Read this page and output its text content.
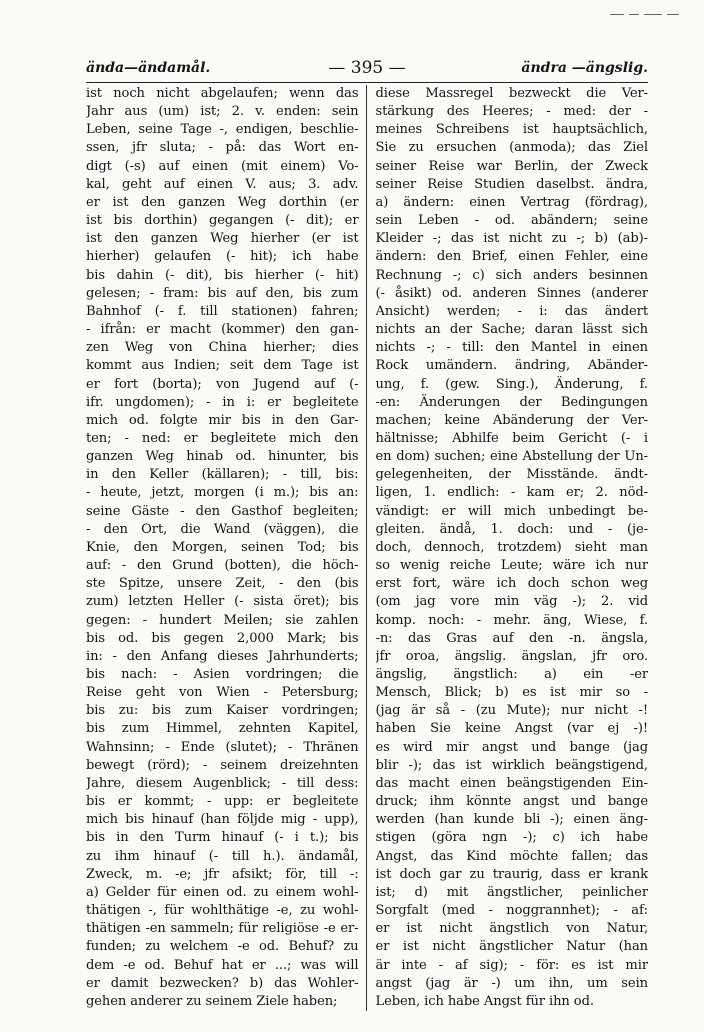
ända—ändamål.	— 395 —	ändra —ängslig.
ist noch nicht abgelaufen; wenn das
Jahr aus (um) ist; 2. v. enden: sein
Leben, seine Tage -, endigen, beschlie-
ssen, jfr sluta; - på: das Wort en-
digt (-s) auf einen (mit einem) Vo-
kal, geht auf einen V. aus; 3. adv.
er ist den ganzen Weg dorthin (er
ist bis dorthin) gegangen (- dit); er
ist den ganzen Weg hierher (er ist
hierher) gelaufen (- hit); ich habe
bis dahin (- dit), bis hierher (- hit)
gelesen; - fram: bis auf den, bis zum
Bahnhof (- f. till stationen) fahren;
- ifrån: er macht (kommer) den gan-
zen Weg von China hierher; dies
kommt aus Indien; seit dem Tage ist
er fort (borta); von Jugend auf (-
ifr. ungdomen); - in i: er begleitete
mich od. folgte mir bis in den Gar-
ten; - ned: er begleitete mich den
ganzen Weg hinab od. hinunter, bis
in den Keller (källaren); - till, bis:
- heute, jetzt, morgen (i m.); bis an:
seine Gäste - den Gasthof begleiten;
- den Ort, die Wand (väggen), die
Knie, den Morgen, seinen Tod; bis
auf: - den Grund (botten), die höch-
ste Spitze, unsere Zeit, - den (bis
zum) letzten Heller (- sista öret); bis
gegen: - hundert Meilen; sie zahlen
bis od. bis gegen 2,000 Mark; bis
in: - den Anfang dieses Jahrhunderts;
bis nach: - Asien vordringen; die
Reise geht von Wien - Petersburg;
bis zu: bis zum Kaiser vordringen;
bis zum Himmel, zehnten Kapitel,
Wahnsinn; - Ende (slutet); - Thränen
bewegt (rörd); - seinem dreizehnten
Jahre, diesem Augenblick; - till dess:
bis er kommt; - upp: er begleitete
mich bis hinauf (han följde mig - upp),
bis in den Turm hinauf (- i t.); bis
zu ihm hinauf (- till h.). ändamål,
Zweck, m. -e; jfr afsikt; för, till -:
a) Gelder für einen od. zu einem wohl-
thätigen -, für wohlthätige -e, zu wohl-
thätigen -en sammeln; für religiöse -e er-
funden; zu welchem -e od. Behuf? zu
dem -e od. Behuf hat er ...; was will
er damit bezwecken? b) das Wohler-
gehen anderer zu seinem Ziele haben;
diese Massregel bezweckt die Ver-
stärkung des Heeres; - med: der -
meines Schreibens ist hauptsächlich,
Sie zu ersuchen (anmoda); das Ziel
seiner Reise war Berlin, der Zweck
seiner Reise Studien daselbst. ändra,
a) ändern: einen Vertrag (fördrag),
sein Leben - od. abändern; seine
Kleider -; das ist nicht zu -; b) (ab)-
ändern: den Brief, einen Fehler, eine
Rechnung -; c) sich anders besinnen
(- åsikt) od. anderen Sinnes (anderer
Ansicht) werden; - i: das ändert
nichts an der Sache; daran lässt sich
nichts -; - till: den Mantel in einen
Rock umändern. ändring, Abänder-
ung, f. (gew. Sing.), Änderung, f.
-en: Änderungen der Bedingungen
machen; keine Abänderung der Ver-
hältnisse; Abhilfe beim Gericht (- i
en dom) suchen; eine Abstellung der Un-
gelegenheiten, der Misstände. ändt-
ligen, 1. endlich: - kam er; 2. nöd-
vändigt: er will mich unbedingt be-
gleiten. ändå, 1. doch: und - (je-
doch, dennoch, trotzdem) sieht man
so wenig reiche Leute; wäre ich nur
erst fort, wäre ich doch schon weg
(om jag vore min väg -); 2. vid
komp. noch: - mehr. äng, Wiese, f.
-n: das Gras auf den -n. ängsla,
jfr oroa, ängslig. ängslan, jfr oro.
ängslig, ängstlich: a) ein -er
Mensch, Blick; b) es ist mir so -
(jag är så - (zu Mute); nur nicht -!
haben Sie keine Angst (var ej -)!
es wird mir angst und bange (jag
blir -); das ist wirklich beängstigend,
das macht einen beängstigenden Ein-
druck; ihm könnte angst und bange
werden (han kunde bli -); einen äng-
stigen (göra ngn -); c) ich habe
Angst, das Kind möchte fallen; das
ist doch gar zu traurig, dass er krank
ist; d) mit ängstlicher, peinlicher
Sorgfalt (med - noggrannhet); - af:
er ist nicht ängstlich von Natur,
er ist nicht ängstlicher Natur (han
är inte - af sig); - för: es ist mir
angst (jag är -) um ihn, um sein
Leben, ich habe Angst für ihn od.
